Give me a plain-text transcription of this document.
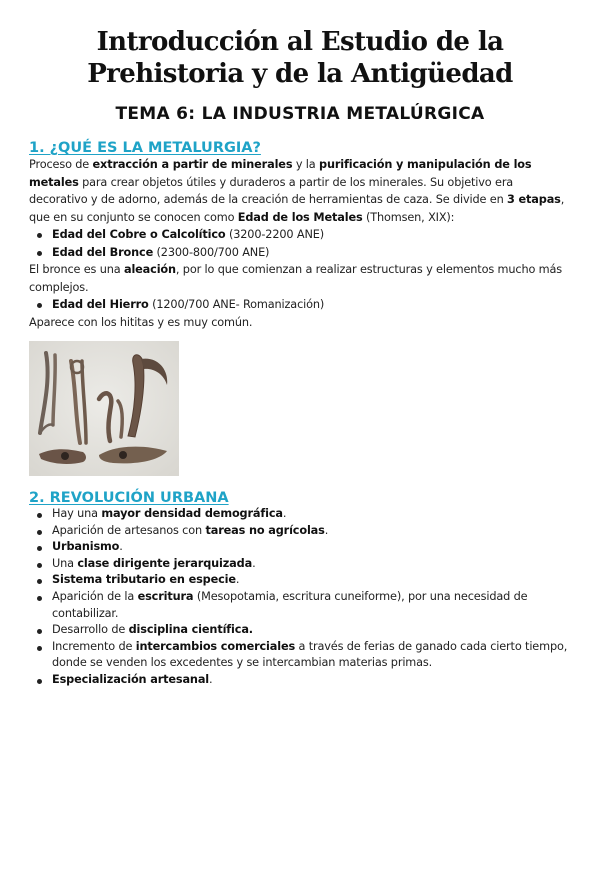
Introducción al Estudio de la Prehistoria y de la Antigüedad
TEMA 6: LA INDUSTRIA METALÚRGICA
1. ¿QUÉ ES LA METALURGIA?

Proceso de extracción a partir de minerales y la purificación y manipulación de los metales para crear objetos útiles y duraderos a partir de los minerales. Su objetivo era decorativo y de adorno, además de la creación de herramientas de caza. Se divide en 3 etapas, que en su conjunto se conocen como Edad de los Metales (Thomsen, XIX):

Edad del Cobre o Calcolítico (3200-2200 ANE)
Edad del Bronce (2300-800/700 ANE)

El bronce es una aleación, por lo que comienzan a realizar estructuras y elementos mucho más complejos.

Edad del Hierro (1200/700 ANE- Romanización)

Aparece con los hititas y es muy común.

2. REVOLUCIÓN URBANA
Hay una mayor densidad demográfica.
Aparición de artesanos con tareas no agrícolas.
Urbanismo.
Una clase dirigente jerarquizada.
Sistema tributario en especie.
Aparición de la escritura (Mesopotamia, escritura cuneiforme), por una necesidad de contabilizar.
Desarrollo de disciplina científica.
Incremento de intercambios comerciales a través de ferias de ganado cada cierto tiempo, donde se venden los excedentes y se intercambian materias primas.
Especialización artesanal.
